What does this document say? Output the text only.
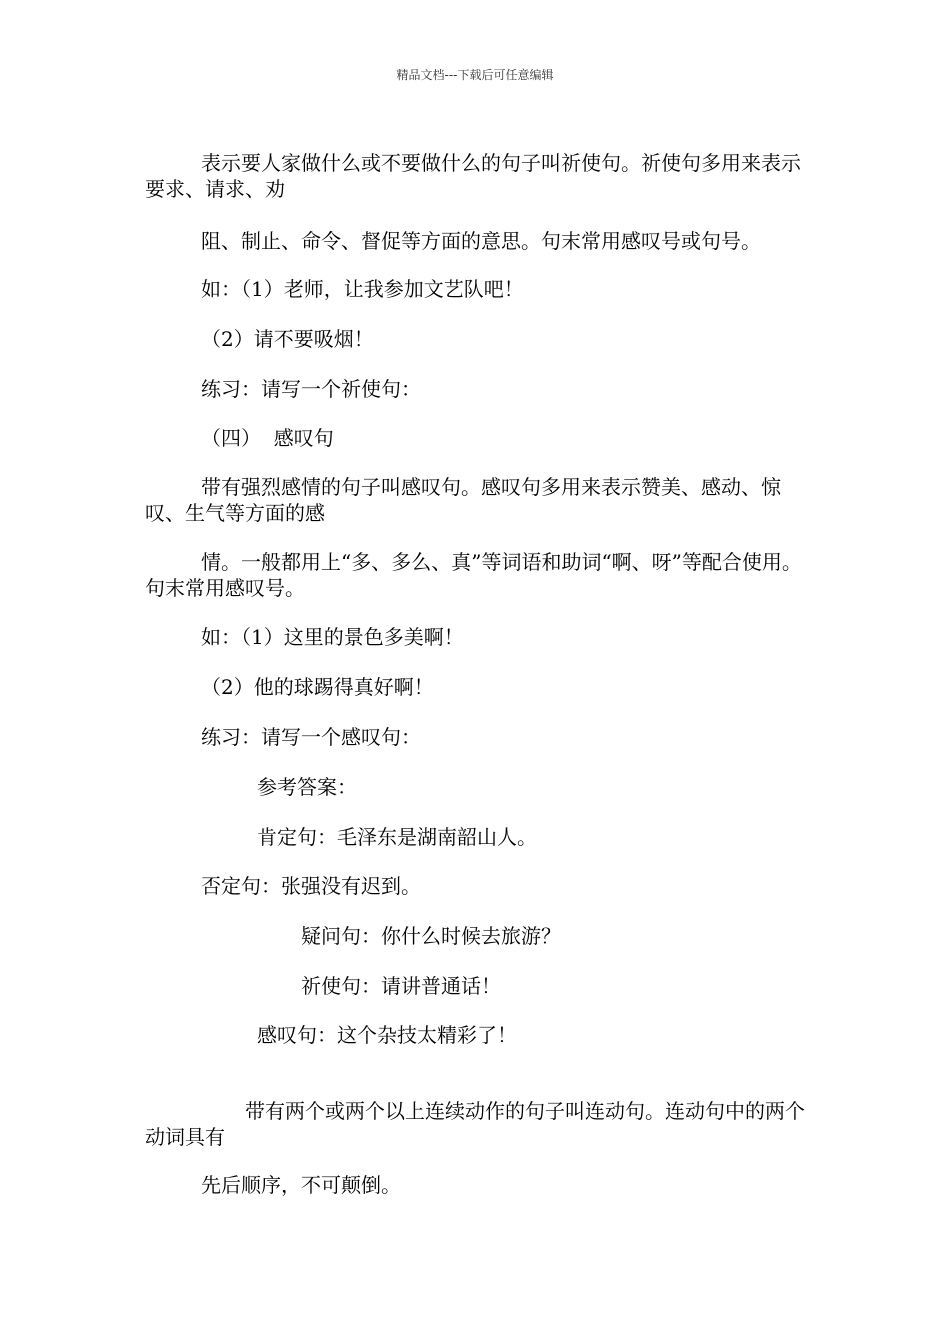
精品文档---下载后可任意编辑
表示要人家做什么或不要做什么的句子叫祈使句。祈使句多用来表示要求、请求、劝
阻、制止、命令、督促等方面的意思。句末常用感叹号或句号。
如：（1）老师，让我参加文艺队吧！
（2）请不要吸烟！
练习：请写一个祈使句：
（四）  感叹句
带有强烈感情的句子叫感叹句。感叹句多用来表示赞美、感动、惊叹、生气等方面的感
情。一般都用上“多、多么、真”等词语和助词“啊、呀”等配合使用。句末常用感叹号。
如：（1）这里的景色多美啊！
（2）他的球踢得真好啊！
练习：请写一个感叹句：
参考答案：
肯定句：毛泽东是湖南韶山人。
否定句：张强没有迟到。
疑问句：你什么时候去旅游？
祈使句：请讲普通话！
感叹句：这个杂技太精彩了！
带有两个或两个以上连续动作的句子叫连动句。连动句中的两个动词具有
先后顺序，不可颠倒。
